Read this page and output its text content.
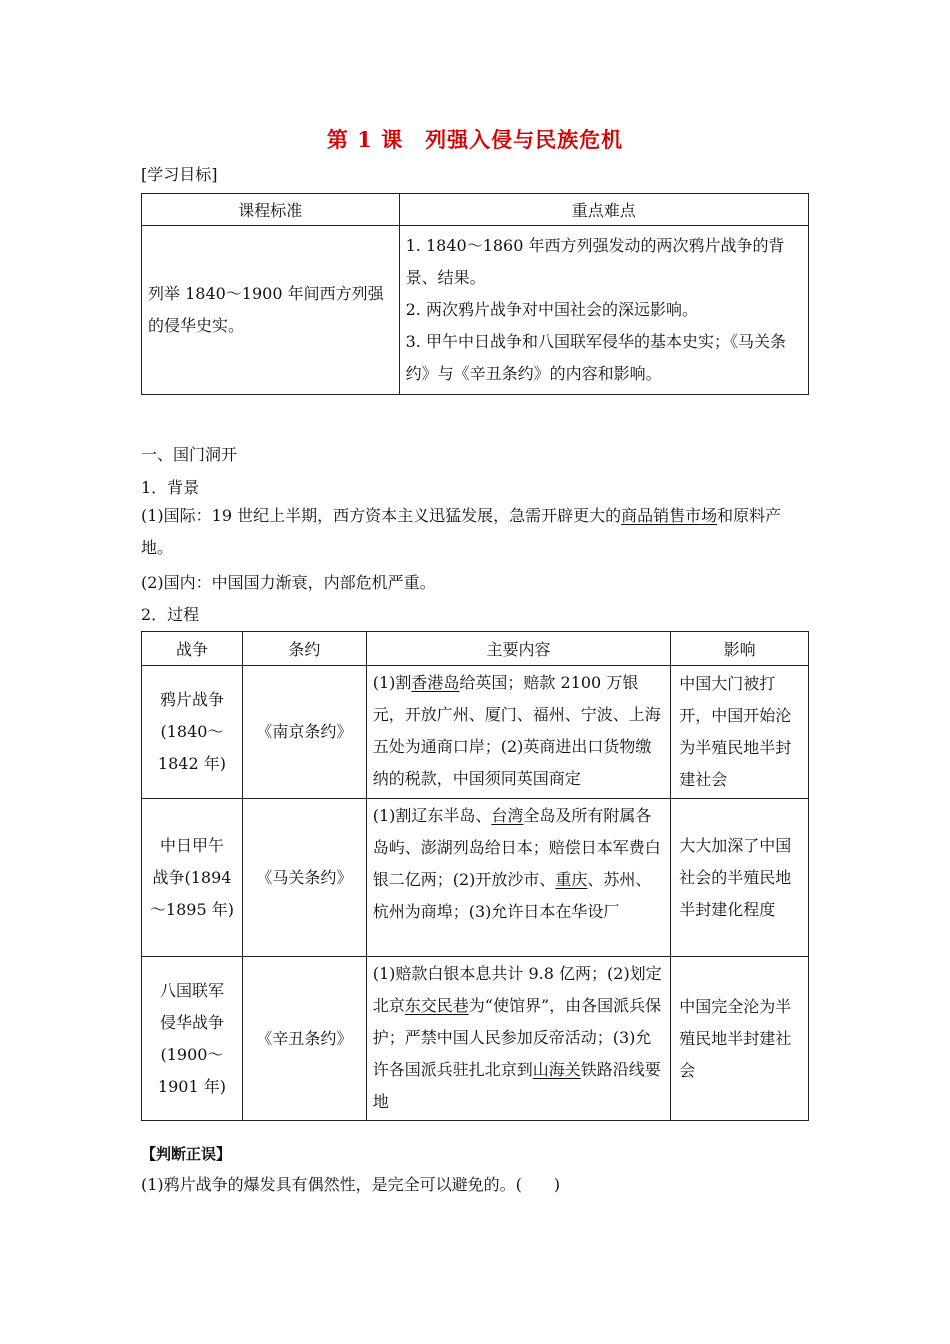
第 1 课　列强入侵与民族危机
[学习目标]
课程标准	重点难点
列举 1840～1900 年间西方列强的侵华史实。	1. 1840～1860 年西方列强发动的两次鸦片战争的背景、结果。
2. 两次鸦片战争对中国社会的深远影响。
3. 甲午中日战争和八国联军侵华的基本史实；《马关条约》与《辛丑条约》的内容和影响。
一、国门洞开
1．背景
(1)国际：19 世纪上半期，西方资本主义迅猛发展，急需开辟更大的商品销售市场和原料产地。
(2)国内：中国国力渐衰，内部危机严重。
2．过程
战争	条约	主要内容	影响

鸦片战争
(1840～
1842 年)	《南京条约》	(1)割香港岛给英国；赔款 2100 万银元，开放广州、厦门、福州、宁波、上海五处为通商口岸；(2)英商进出口货物缴纳的税款，中国须同英国商定	中国大门被打开，中国开始沦为半殖民地半封建社会

中日甲午
战争(1894
～1895 年)	《马关条约》	(1)割辽东半岛、台湾全岛及所有附属各岛屿、澎湖列岛给日本；赔偿日本军费白银二亿两；(2)开放沙市、重庆、苏州、杭州为商埠；(3)允许日本在华设厂	大大加深了中国社会的半殖民地半封建化程度

八国联军
侵华战争
(1900～
1901 年)	《辛丑条约》	(1)赔款白银本息共计 9.8 亿两；(2)划定北京东交民巷为“使馆界”，由各国派兵保护；严禁中国人民参加反帝活动；(3)允许各国派兵驻扎北京到山海关铁路沿线要地	中国完全沦为半殖民地半封建社会
【判断正误】
(1)鸦片战争的爆发具有偶然性，是完全可以避免的。(　　)
